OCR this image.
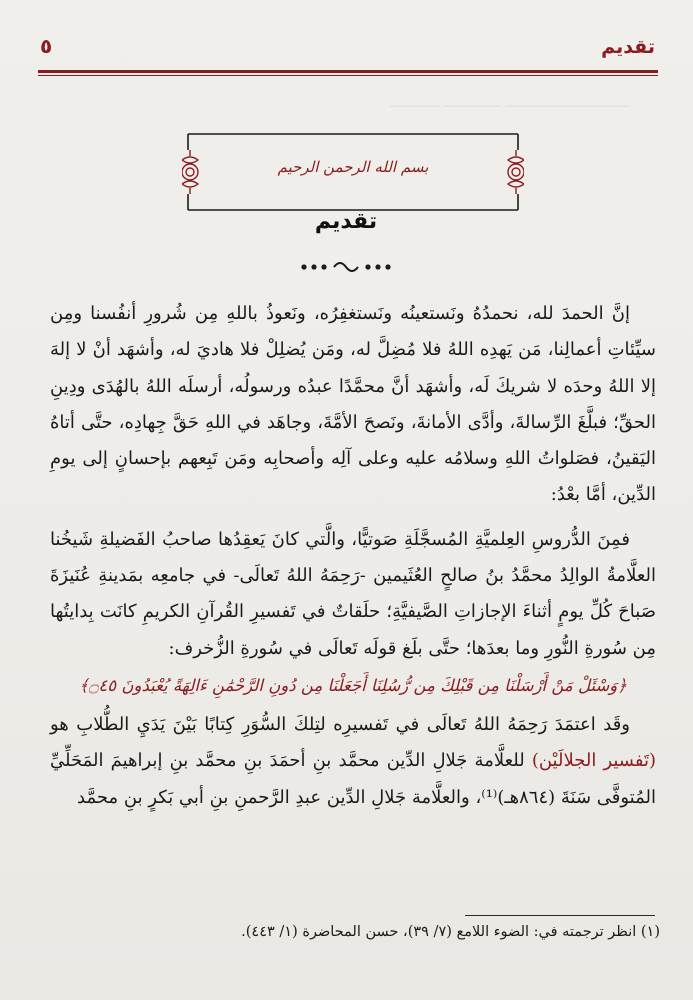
ـــــــــــــــــــــــــ ـــــــــــ ــــــــــ
تقديم
٥
بسم الله الرحمن الرحيم
تقديم

إنَّ الحمدَ لله، نحمدُهُ ونَستعينُه ونَستغفِرُه، ونَعوذُ باللهِ مِن شُرورِ أنفُسنا ومِن سيِّئاتِ أعمالِنا، مَن يَهدِه اللهُ فلا مُضِلَّ له، ومَن يُضلِلْ فلا هاديَ له، وأشهَد أنْ لا إلهَ إلا اللهُ وحدَه لا شريكَ لَه، وأشهَد أنَّ محمَّدًا عبدُه ورسولُه، أرسلَه اللهُ بالهُدَى ودِينِ الحقِّ؛ فبلَّغَ الرِّسالةَ، وأدَّى الأمانةَ، ونَصحَ الأمَّةَ، وجاهَد في اللهِ حَقَّ جِهادِه، حتَّى أتاهُ اليَقينُ، فصَلواتُ اللهِ وسلامُه عليه وعلى آلِه وأصحابِه ومَن تَبِعهم بإحسانٍ إلى يومِ الدِّين، أمَّا بعْدُ:

فمِنَ الدُّروسِ العِلميَّةِ المُسجَّلَةِ صَوتيًّا، والَّتي كانَ يَعقِدُها صاحبُ الفَضيلةِ شَيخُنا العلَّامةُ الوالِدُ محمَّدُ بنُ صالحٍ العُثَيمين -رَحِمَهُ اللهُ تَعالَى- في جامعِه بمَدينةِ عُنَيزَةَ صَباحَ كُلِّ يومٍ أثناءَ الإجازاتِ الصَّيفيَّةِ؛ حلَقاتٌ في تَفسيرِ القُرآنِ الكريمِ كانَت بِدايتُها مِن سُورةِ النُّورِ وما بعدَها؛ حتَّى بلَغ قولَه تَعالَى في سُورةِ الزُّخرف:

﴿وَسْئَلْ مَنْ أَرْسَلْنَا مِن قَبْلِكَ مِن رُّسُلِنَا أَجَعَلْنَا مِن دُونِ الرَّحْمَٰنِ ءَالِهَةً يُعْبَدُونَ ۝٤٥﴾

وقَد اعتمَدَ رَحِمَهُ اللهُ تَعالَى في تَفسيرِه لتِلكَ السُّوَرِ كِتابًا بَيْنَ يَدَيِ الطُّلابِ هو (تَفسير الجلالَيْن) للعلَّامة جَلالِ الدِّين محمَّد بنِ أحمَدَ بنِ محمَّد بنِ إبراهيمَ المَحَلِّيِّ المُتوفَّى سَنَةَ (٨٦٤هـ)⁽¹⁾، والعلَّامة جَلالِ الدِّين عبدِ الرَّحمنِ بنِ أبي بَكرٍ بنِ محمَّد

(١) انظر ترجمته في: الضوء اللامع (٧/ ٣٩)، حسن المحاضرة (١/ ٤٤٣).
